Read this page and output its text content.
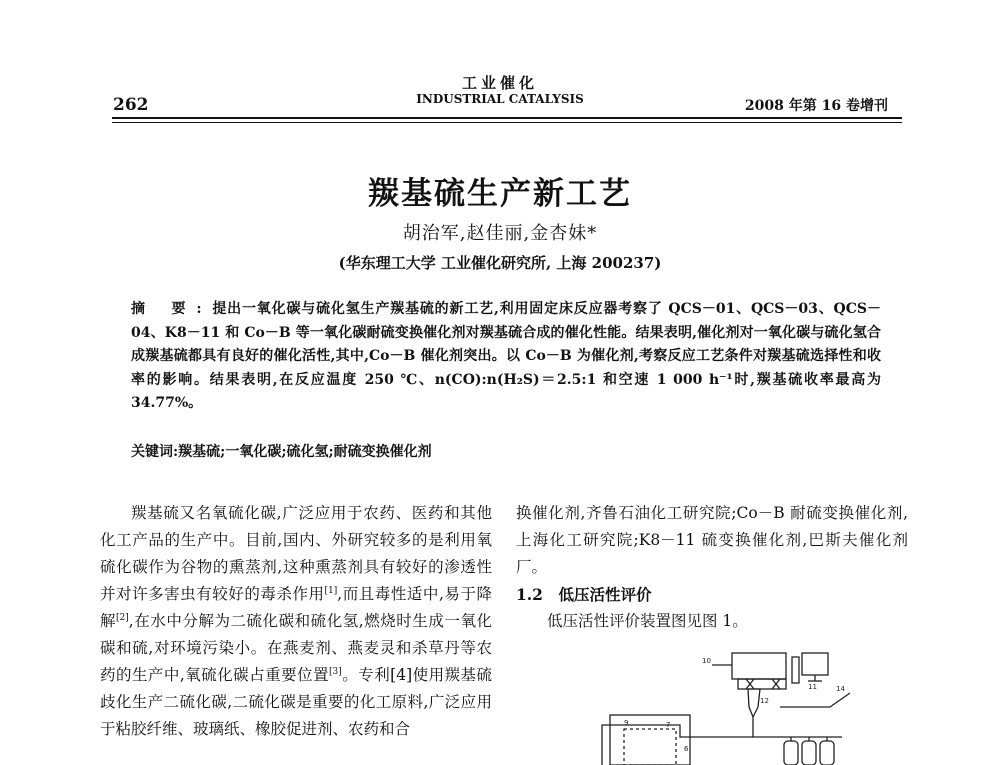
262
工业催化
INDUSTRIAL CATALYSIS	2008 年第 16 卷增刊
羰基硫生产新工艺
胡治军,赵佳丽,金杏妹*
(华东理工大学 工业催化研究所, 上海 200237)
摘 要:提出一氧化碳与硫化氢生产羰基硫的新工艺,利用固定床反应器考察了 QCS－01、QCS－03、QCS－04、K8－11 和 Co－B 等一氧化碳耐硫变换催化剂对羰基硫合成的催化性能。结果表明,催化剂对一氧化碳与硫化氢合成羰基硫都具有良好的催化活性,其中,Co－B 催化剂突出。以 Co－B 为催化剂,考察反应工艺条件对羰基硫选择性和收率的影响。结果表明,在反应温度 250 ℃、n(CO):n(H₂S)＝2.5:1 和空速 1 000 h⁻¹时,羰基硫收率最高为 34.77%。
关键词:羰基硫;一氧化碳;硫化氢;耐硫变换催化剂

羰基硫又名氧硫化碳,广泛应用于农药、医药和其他化工产品的生产中。目前,国内、外研究较多的是利用氧硫化碳作为谷物的熏蒸剂,这种熏蒸剂具有较好的渗透性并对许多害虫有较好的毒杀作用[1],而且毒性适中,易于降解[2],在水中分解为二硫化碳和硫化氢,燃烧时生成一氧化碳和硫,对环境污染小。在燕麦剂、燕麦灵和杀草丹等农药的生产中,氧硫化碳占重要位置[3]。专利[4]使用羰基硫歧化生产二硫化碳,二硫化碳是重要的化工原料,广泛应用于粘胶纤维、玻璃纸、橡胶促进剂、农药和合

换催化剂,齐鲁石油化工研究院;Co－B 耐硫变换催化剂,上海化工研究院;K8－11 硫变换催化剂,巴斯夫催化剂厂。

1.2　低压活性评价

低压活性评价装置图见图 1。

10
11
12
9	7
6
14
